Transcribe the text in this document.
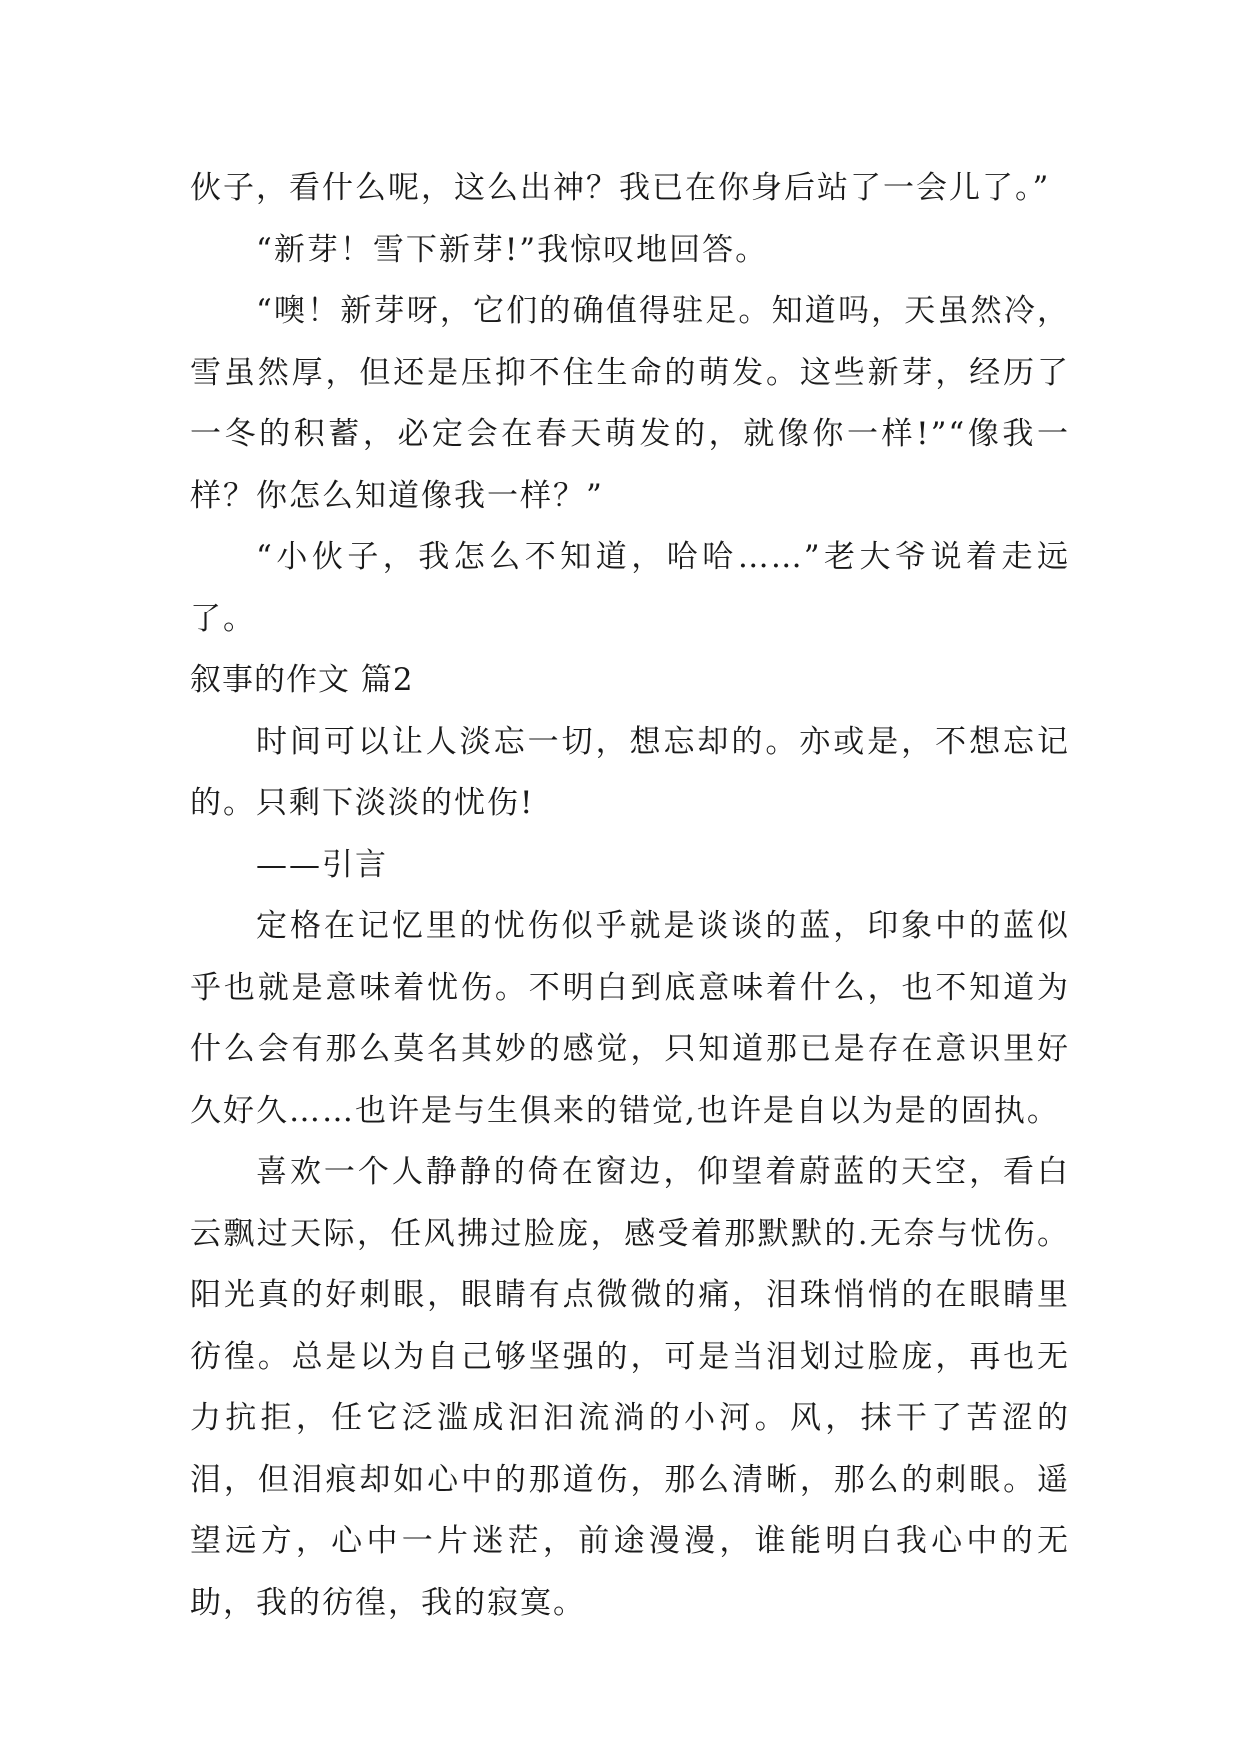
伙子，看什么呢，这么出神？我已在你身后站了一会儿了。”

“新芽！雪下新芽!”我惊叹地回答。

“噢！新芽呀，它们的确值得驻足。知道吗，天虽然冷，雪虽然厚，但还是压抑不住生命的萌发。这些新芽，经历了一冬的积蓄，必定会在春天萌发的，就像你一样!”“像我一样？你怎么知道像我一样？”

“小伙子，我怎么不知道，哈哈……”老大爷说着走远了。

叙事的作文 篇2

时间可以让人淡忘一切，想忘却的。亦或是，不想忘记的。只剩下淡淡的忧伤!

——引言

定格在记忆里的忧伤似乎就是谈谈的蓝，印象中的蓝似乎也就是意味着忧伤。不明白到底意味着什么，也不知道为什么会有那么莫名其妙的感觉，只知道那已是存在意识里好久好久……也许是与生俱来的错觉,也许是自以为是的固执。

喜欢一个人静静的倚在窗边，仰望着蔚蓝的天空，看白云飘过天际，任风拂过脸庞，感受着那默默的.无奈与忧伤。阳光真的好刺眼，眼睛有点微微的痛，泪珠悄悄的在眼睛里彷徨。总是以为自己够坚强的，可是当泪划过脸庞，再也无力抗拒，任它泛滥成汩汩流淌的小河。风，抹干了苦涩的泪，但泪痕却如心中的那道伤，那么清晰，那么的刺眼。遥望远方，心中一片迷茫，前途漫漫，谁能明白我心中的无助，我的彷徨，我的寂寞。
